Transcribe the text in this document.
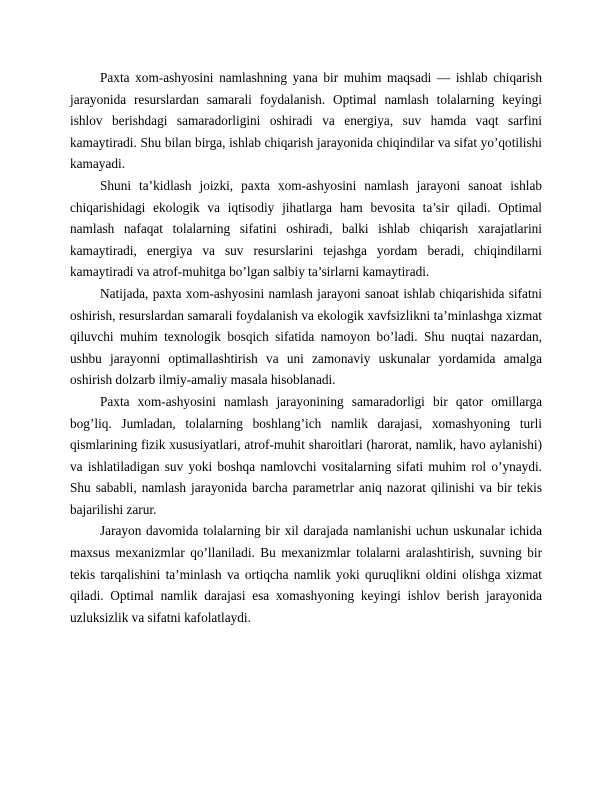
Paxta xom-ashyosini namlashning yana bir muhim maqsadi — ishlab chiqarish jarayonida resurslardan samarali foydalanish. Optimal namlash tolalarning keyingi ishlov berishdagi samaradorligini oshiradi va energiya, suv hamda vaqt sarfini kamaytiradi. Shu bilan birga, ishlab chiqarish jarayonida chiqindilar va sifat yo’qotilishi kamayadi.

Shuni ta’kidlash joizki, paxta xom-ashyosini namlash jarayoni sanoat ishlab chiqarishidagi ekologik va iqtisodiy jihatlarga ham bevosita ta’sir qiladi. Optimal namlash nafaqat tolalarning sifatini oshiradi, balki ishlab chiqarish xarajatlarini kamaytiradi, energiya va suv resurslarini tejashga yordam beradi, chiqindilarni kamaytiradi va atrof-muhitga bo’lgan salbiy ta’sirlarni kamaytiradi.

Natijada, paxta xom-ashyosini namlash jarayoni sanoat ishlab chiqarishida sifatni oshirish, resurslardan samarali foydalanish va ekologik xavfsizlikni ta’minlashga xizmat qiluvchi muhim texnologik bosqich sifatida namoyon bo’ladi. Shu nuqtai nazardan, ushbu jarayonni optimallashtirish va uni zamonaviy uskunalar yordamida amalga oshirish dolzarb ilmiy-amaliy masala hisoblanadi.

Paxta xom-ashyosini namlash jarayonining samaradorligi bir qator omillarga bog’liq. Jumladan, tolalarning boshlang’ich namlik darajasi, xomashyoning turli qismlarining fizik xususiyatlari, atrof-muhit sharoitlari (harorat, namlik, havo aylanishi) va ishlatiladigan suv yoki boshqa namlovchi vositalarning sifati muhim rol o’ynaydi. Shu sababli, namlash jarayonida barcha parametrlar aniq nazorat qilinishi va bir tekis bajarilishi zarur.

Jarayon davomida tolalarning bir xil darajada namlanishi uchun uskunalar ichida maxsus mexanizmlar qo’llaniladi. Bu mexanizmlar tolalarni aralashtirish, suvning bir tekis tarqalishini ta’minlash va ortiqcha namlik yoki quruqlikni oldini olishga xizmat qiladi. Optimal namlik darajasi esa xomashyoning keyingi ishlov berish jarayonida uzluksizlik va sifatni kafolatlaydi.
